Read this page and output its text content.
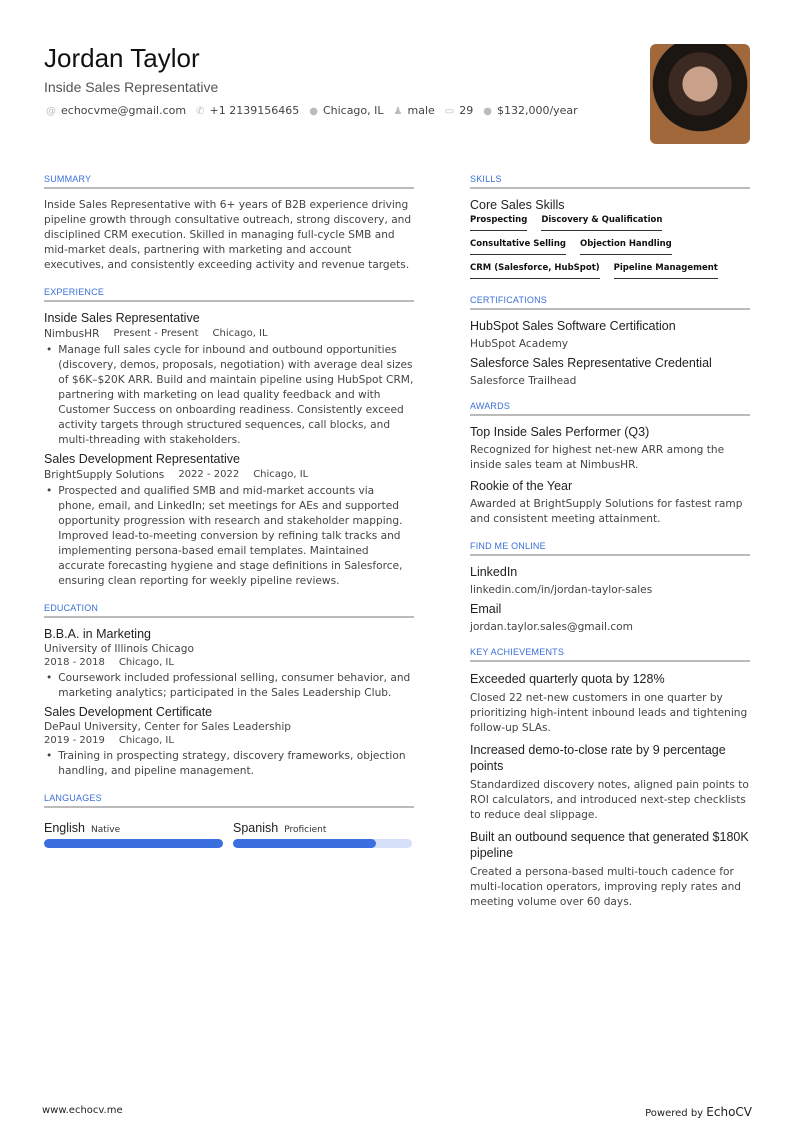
Jordan Taylor
Inside Sales Representative
@ echocvme@gmail.com ✆ +1 2139156465 ● Chicago, IL ♟ male ▭ 29 ● $132,000/year
SUMMARY
Inside Sales Representative with 6+ years of B2B experience driving pipeline growth through consultative outreach, strong discovery, and disciplined CRM execution. Skilled in managing full-cycle SMB and mid-market deals, partnering with marketing and account executives, and consistently exceeding activity and revenue targets.
EXPERIENCE
Inside Sales Representative
NimbusHR Present - Present Chicago, IL
• Manage full sales cycle for inbound and outbound opportunities (discovery, demos, proposals, negotiation) with average deal sizes of $6K–$20K ARR. Build and maintain pipeline using HubSpot CRM, partnering with marketing on lead quality feedback and with Customer Success on onboarding readiness. Consistently exceed activity targets through structured sequences, call blocks, and multi-threading with stakeholders.
Sales Development Representative
BrightSupply Solutions 2022 - 2022 Chicago, IL
• Prospected and qualified SMB and mid-market accounts via phone, email, and LinkedIn; set meetings for AEs and supported opportunity progression with research and stakeholder mapping. Improved lead-to-meeting conversion by refining talk tracks and implementing persona-based email templates. Maintained accurate forecasting hygiene and stage definitions in Salesforce, ensuring clean reporting for weekly pipeline reviews.
EDUCATION
B.B.A. in Marketing
University of Illinois Chicago
2018 - 2018 Chicago, IL
• Coursework included professional selling, consumer behavior, and marketing analytics; participated in the Sales Leadership Club.
Sales Development Certificate
DePaul University, Center for Sales Leadership
2019 - 2019 Chicago, IL
• Training in prospecting strategy, discovery frameworks, objection handling, and pipeline management.
LANGUAGES
English Native	Spanish Proficient
SKILLS
Core Sales Skills
Prospecting Discovery & Qualification
Consultative Selling Objection Handling
CRM (Salesforce, HubSpot) Pipeline Management
CERTIFICATIONS
HubSpot Sales Software Certification
HubSpot Academy
Salesforce Sales Representative Credential
Salesforce Trailhead
AWARDS
Top Inside Sales Performer (Q3)
Recognized for highest net-new ARR among the inside sales team at NimbusHR.
Rookie of the Year
Awarded at BrightSupply Solutions for fastest ramp and consistent meeting attainment.
FIND ME ONLINE
LinkedIn
linkedin.com/in/jordan-taylor-sales
Email
jordan.taylor.sales@gmail.com
KEY ACHIEVEMENTS
Exceeded quarterly quota by 128%
Closed 22 net-new customers in one quarter by prioritizing high-intent inbound leads and tightening follow-up SLAs.
Increased demo-to-close rate by 9 percentage points
Standardized discovery notes, aligned pain points to ROI calculators, and introduced next-step checklists to reduce deal slippage.
Built an outbound sequence that generated $180K pipeline
Created a persona-based multi-touch cadence for multi-location operators, improving reply rates and meeting volume over 60 days.
www.echocv.me	Powered by EchoCV
